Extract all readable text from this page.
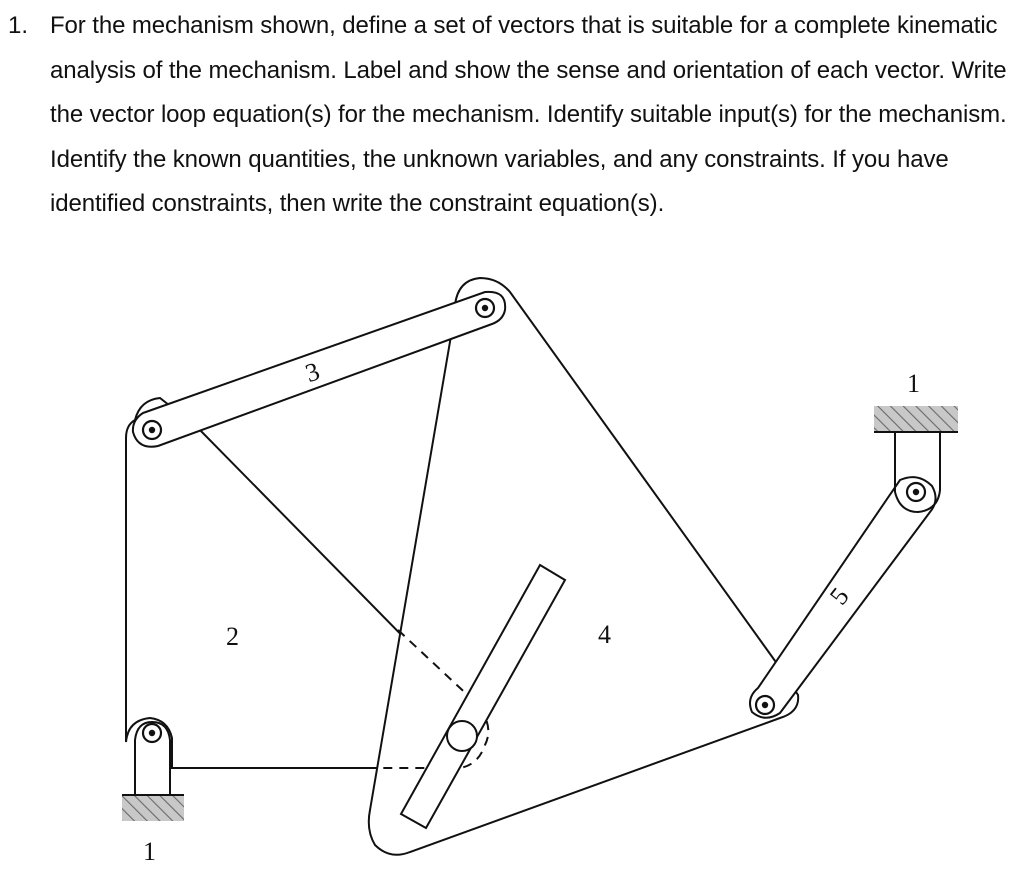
1. For the mechanism shown, define a set of vectors that is suitable for a complete kinematic analysis of the mechanism. Label and show the sense and orientation of each vector. Write the vector loop equation(s) for the mechanism. Identify suitable input(s) for the mechanism. Identify the known quantities, the unknown variables, and any constraints. If you have identified constraints, then write the constraint equation(s).
1
1
2
3
4
5
